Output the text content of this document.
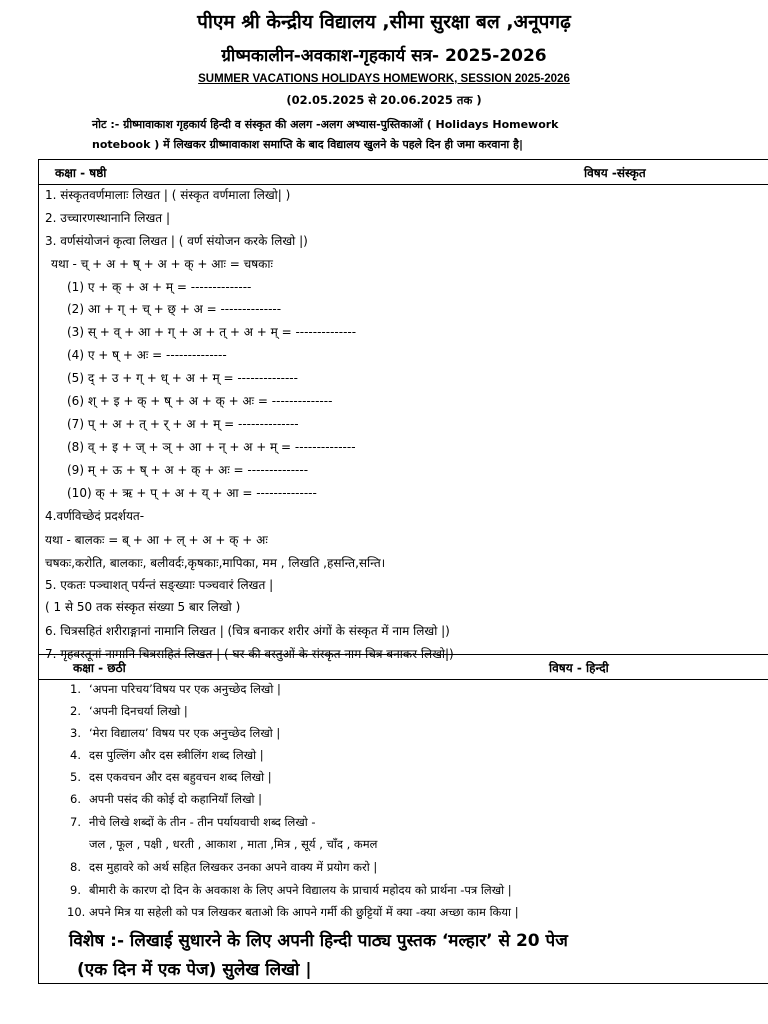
पीएम श्री केन्द्रीय विद्यालय ,सीमा सुरक्षा बल ,अनूपगढ़
ग्रीष्मकालीन-अवकाश-गृहकार्य सत्र- 2025-2026
SUMMER VACATIONS HOLIDAYS HOMEWORK, SESSION 2025-2026
(02.05.2025 से 20.06.2025 तक )
नोट :- ग्रीष्मावाकाश गृहकार्य हिन्दी व संस्कृत की अलग -अलग अभ्यास-पुस्तिकाओं ( Holidays Homework
notebook ) में लिखकर ग्रीष्मावाकाश समाप्ति के बाद विद्यालय खुलने के पहले दिन ही जमा करवाना है|
कक्षा - षष्ठी	विषय -संस्कृत
1. संस्कृतवर्णमालाः लिखत | ( संस्कृत वर्णमाला लिखो| )
2. उच्चारणस्थानानि लिखत |
3. वर्णसंयोजनं कृत्वा लिखत | ( वर्ण संयोजन करके लिखो |)
यथा - च् + अ + ष् + अ + क् + आः = चषकाः
(1) ए + क् + अ + म् = --------------
(2) आ + ग् + च् + छ् + अ = --------------
(3) स् + व् + आ + ग् + अ + त् + अ + म् = --------------
(4) ए + ष् + अः = --------------
(5) द् + उ + ग् + ध् + अ + म् = --------------
(6) श् + इ + क् + ष् + अ + क् + अः = --------------
(7) प् + अ + त् + र् + अ + म् = --------------
(8) व् + इ + ज् + ञ् + आ + न् + अ + म् = --------------
(9) म् + ऊ + ष् + अ + क् + अः = --------------
(10) क् + ऋ + प् + अ + य् + आ = --------------
4.वर्णविच्छेदं प्रदर्शयत-
यथा - बालकः = ब् + आ + ल् + अ + क् + अः
चषकः,करोति, बालकाः, बलीवर्दः,कृषकाः,मापिका, मम , लिखति ,हसन्ति,सन्ति।
5. एकतः पञ्चाशत् पर्यन्तं सङ्ख्याः पञ्चवारं लिखत |
( 1 से 50 तक संस्कृत संख्या 5 बार लिखो )
6. चित्रसहितं शरीराङ्गानां नामानि लिखत | (चित्र बनाकर शरीर अंगों के संस्कृत में नाम लिखो |)
7. गृहवस्तूनां नामानि चित्रसहितं लिखत | ( घर की वस्तुओं के संस्कृत नाम चित्र बनाकर लिखो|)
कक्षा - छठी	विषय - हिन्दी
1. ‘अपना परिचय’विषय पर एक अनुच्छेद लिखो |
2. ‘अपनी दिनचर्या लिखो |
3. ‘मेरा विद्यालय’ विषय पर एक अनुच्छेद लिखो |
4. दस पुल्लिंग और दस स्त्रीलिंग शब्द लिखो |
5. दस एकवचन और दस बहुवचन शब्द लिखो |
6. अपनी पसंद की कोई दो कहानियाँ लिखो |
7. नीचे लिखे शब्दों के तीन - तीन पर्यायवाची शब्द लिखो -
जल , फूल , पक्षी , धरती , आकाश , माता ,मित्र , सूर्य , चाँद , कमल
8. दस मुहावरे को अर्थ सहित लिखकर उनका अपने वाक्य में प्रयोग करो |
9. बीमारी के कारण दो दिन के अवकाश के लिए अपने विद्यालय के प्राचार्य महोदय को प्रार्थना -पत्र लिखो |
10. अपने मित्र या सहेली को पत्र लिखकर बताओ कि आपने गर्मी की छुट्टियों में क्या -क्या अच्छा काम किया |
विशेष :- लिखाई सुधारने के लिए अपनी हिन्दी पाठ्य पुस्तक ‘मल्हार’ से 20 पेज
(एक दिन में एक पेज) सुलेख लिखो |
